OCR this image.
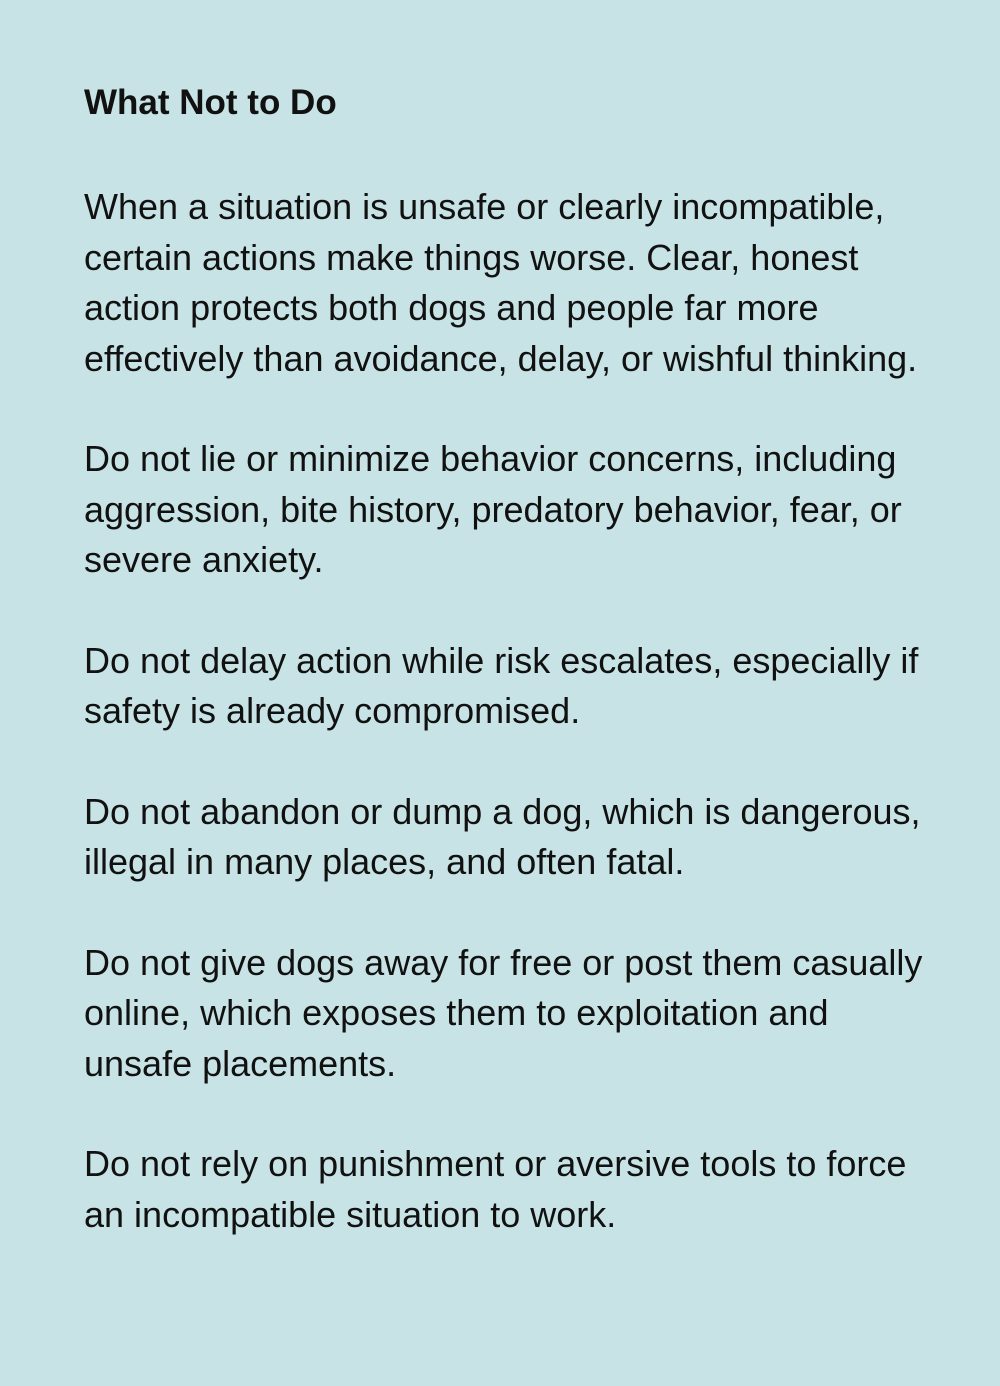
What Not to Do

When a situation is unsafe or clearly incompatible, certain actions make things worse. Clear, honest action protects both dogs and people far more effectively than avoidance, delay, or wishful thinking.

Do not lie or minimize behavior concerns, including aggression, bite history, predatory behavior, fear, or severe anxiety.

Do not delay action while risk escalates, especially if safety is already compromised.

Do not abandon or dump a dog, which is dangerous, illegal in many places, and often fatal.

Do not give dogs away for free or post them casually online, which exposes them to exploitation and unsafe placements.

Do not rely on punishment or aversive tools to force an incompatible situation to work.
